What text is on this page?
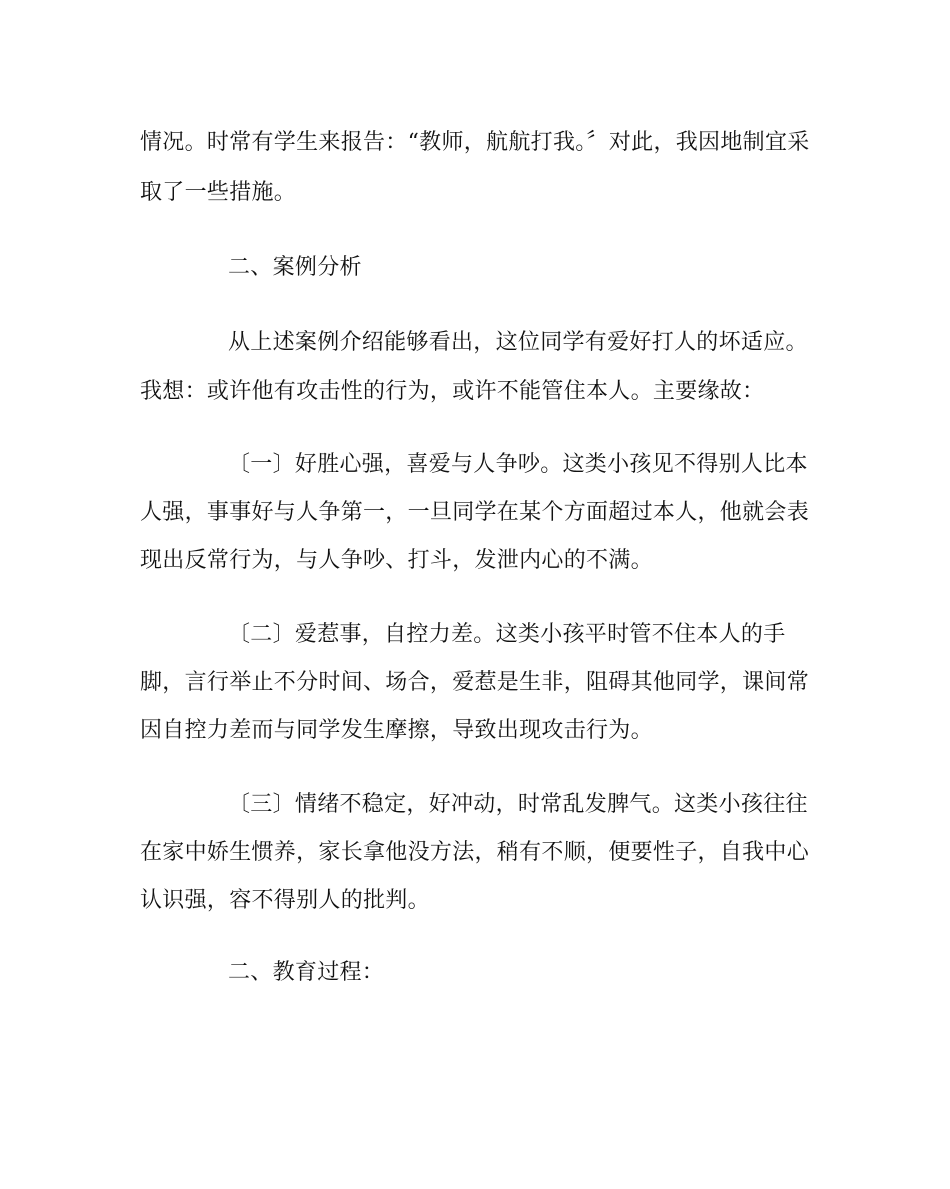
情况。时常有学生来报告：“教师，航航打我。〞对此，我因地制宜采

取了一些措施。

二、案例分析

从上述案例介绍能够看出，这位同学有爱好打人的坏适应。

我想：或许他有攻击性的行为，或许不能管住本人。主要缘故：

〔一〕好胜心强，喜爱与人争吵。这类小孩见不得别人比本

人强，事事好与人争第一，一旦同学在某个方面超过本人，他就会表

现出反常行为，与人争吵、打斗，发泄内心的不满。

〔二〕爱惹事，自控力差。这类小孩平时管不住本人的手

脚，言行举止不分时间、场合，爱惹是生非，阻碍其他同学，课间常

因自控力差而与同学发生摩擦，导致出现攻击行为。

〔三〕情绪不稳定，好冲动，时常乱发脾气。这类小孩往往

在家中娇生惯养，家长拿他没方法，稍有不顺，便要性子，自我中心

认识强，容不得别人的批判。

二、教育过程：
